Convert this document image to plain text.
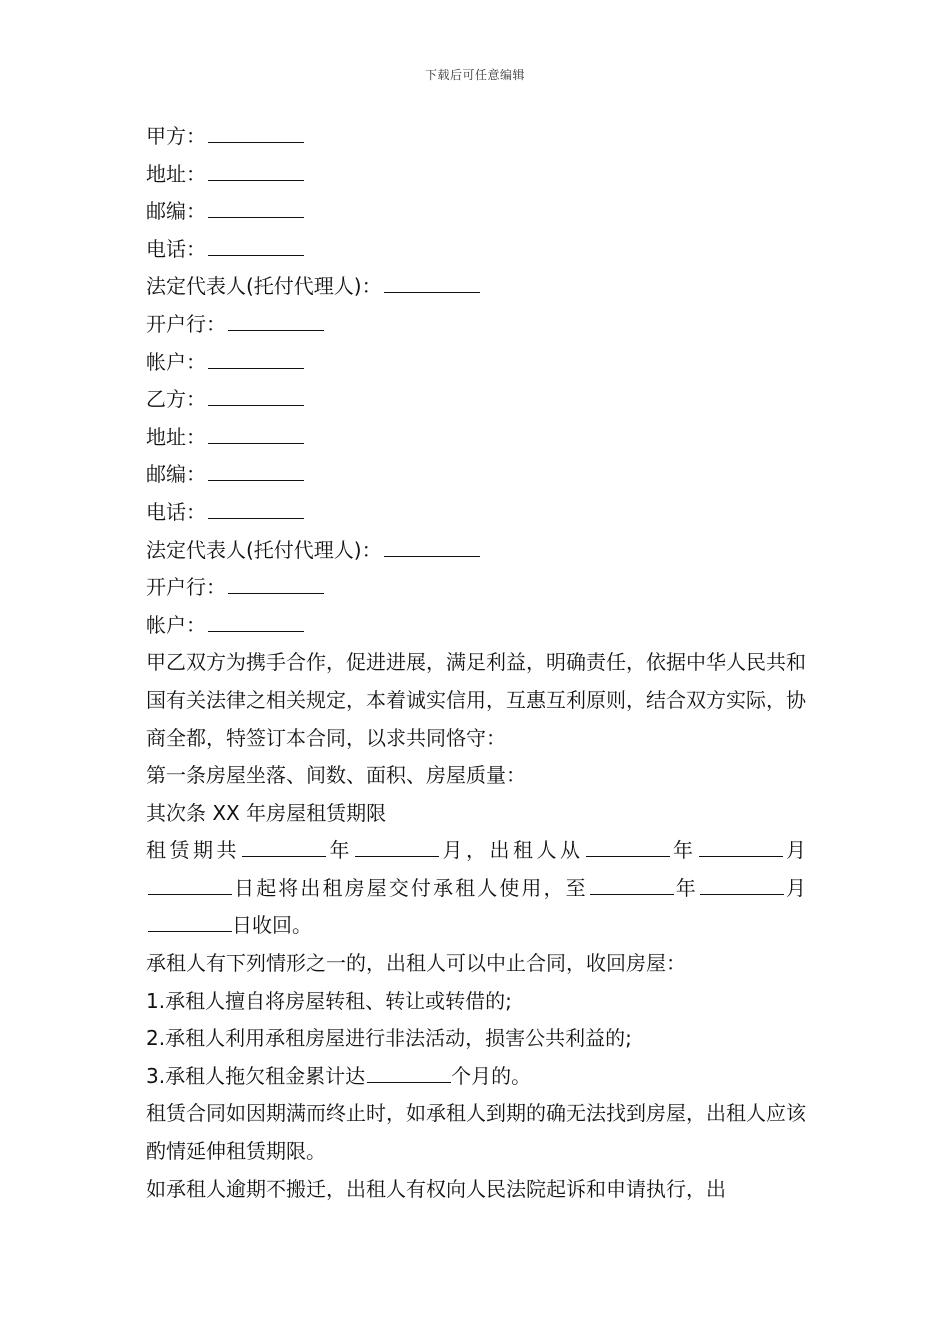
下载后可任意编辑
甲方：
地址：
邮编：
电话：
法定代表人(托付代理人)：
开户行：
帐户：
乙方：
地址：
邮编：
电话：
法定代表人(托付代理人)：
开户行：
帐户：
甲乙双方为携手合作，促进进展，满足利益，明确责任，依据中华人民共和国有关法律之相关规定，本着诚实信用，互惠互利原则，结合双方实际，协商全都，特签订本合同，以求共同恪守：
第一条房屋坐落、间数、面积、房屋质量：
其次条 XX 年房屋租赁期限
租赁期共	年	月，出租人从	年	月日起将出租房屋交付承租人使用，至	年	月日收回。
承租人有下列情形之一的，出租人可以中止合同，收回房屋：
1.承租人擅自将房屋转租、转让或转借的;
2.承租人利用承租房屋进行非法活动，损害公共利益的;
3.承租人拖欠租金累计达	个月的。
租赁合同如因期满而终止时，如承租人到期的确无法找到房屋，出租人应该酌情延伸租赁期限。
如承租人逾期不搬迁，出租人有权向人民法院起诉和申请执行，出
